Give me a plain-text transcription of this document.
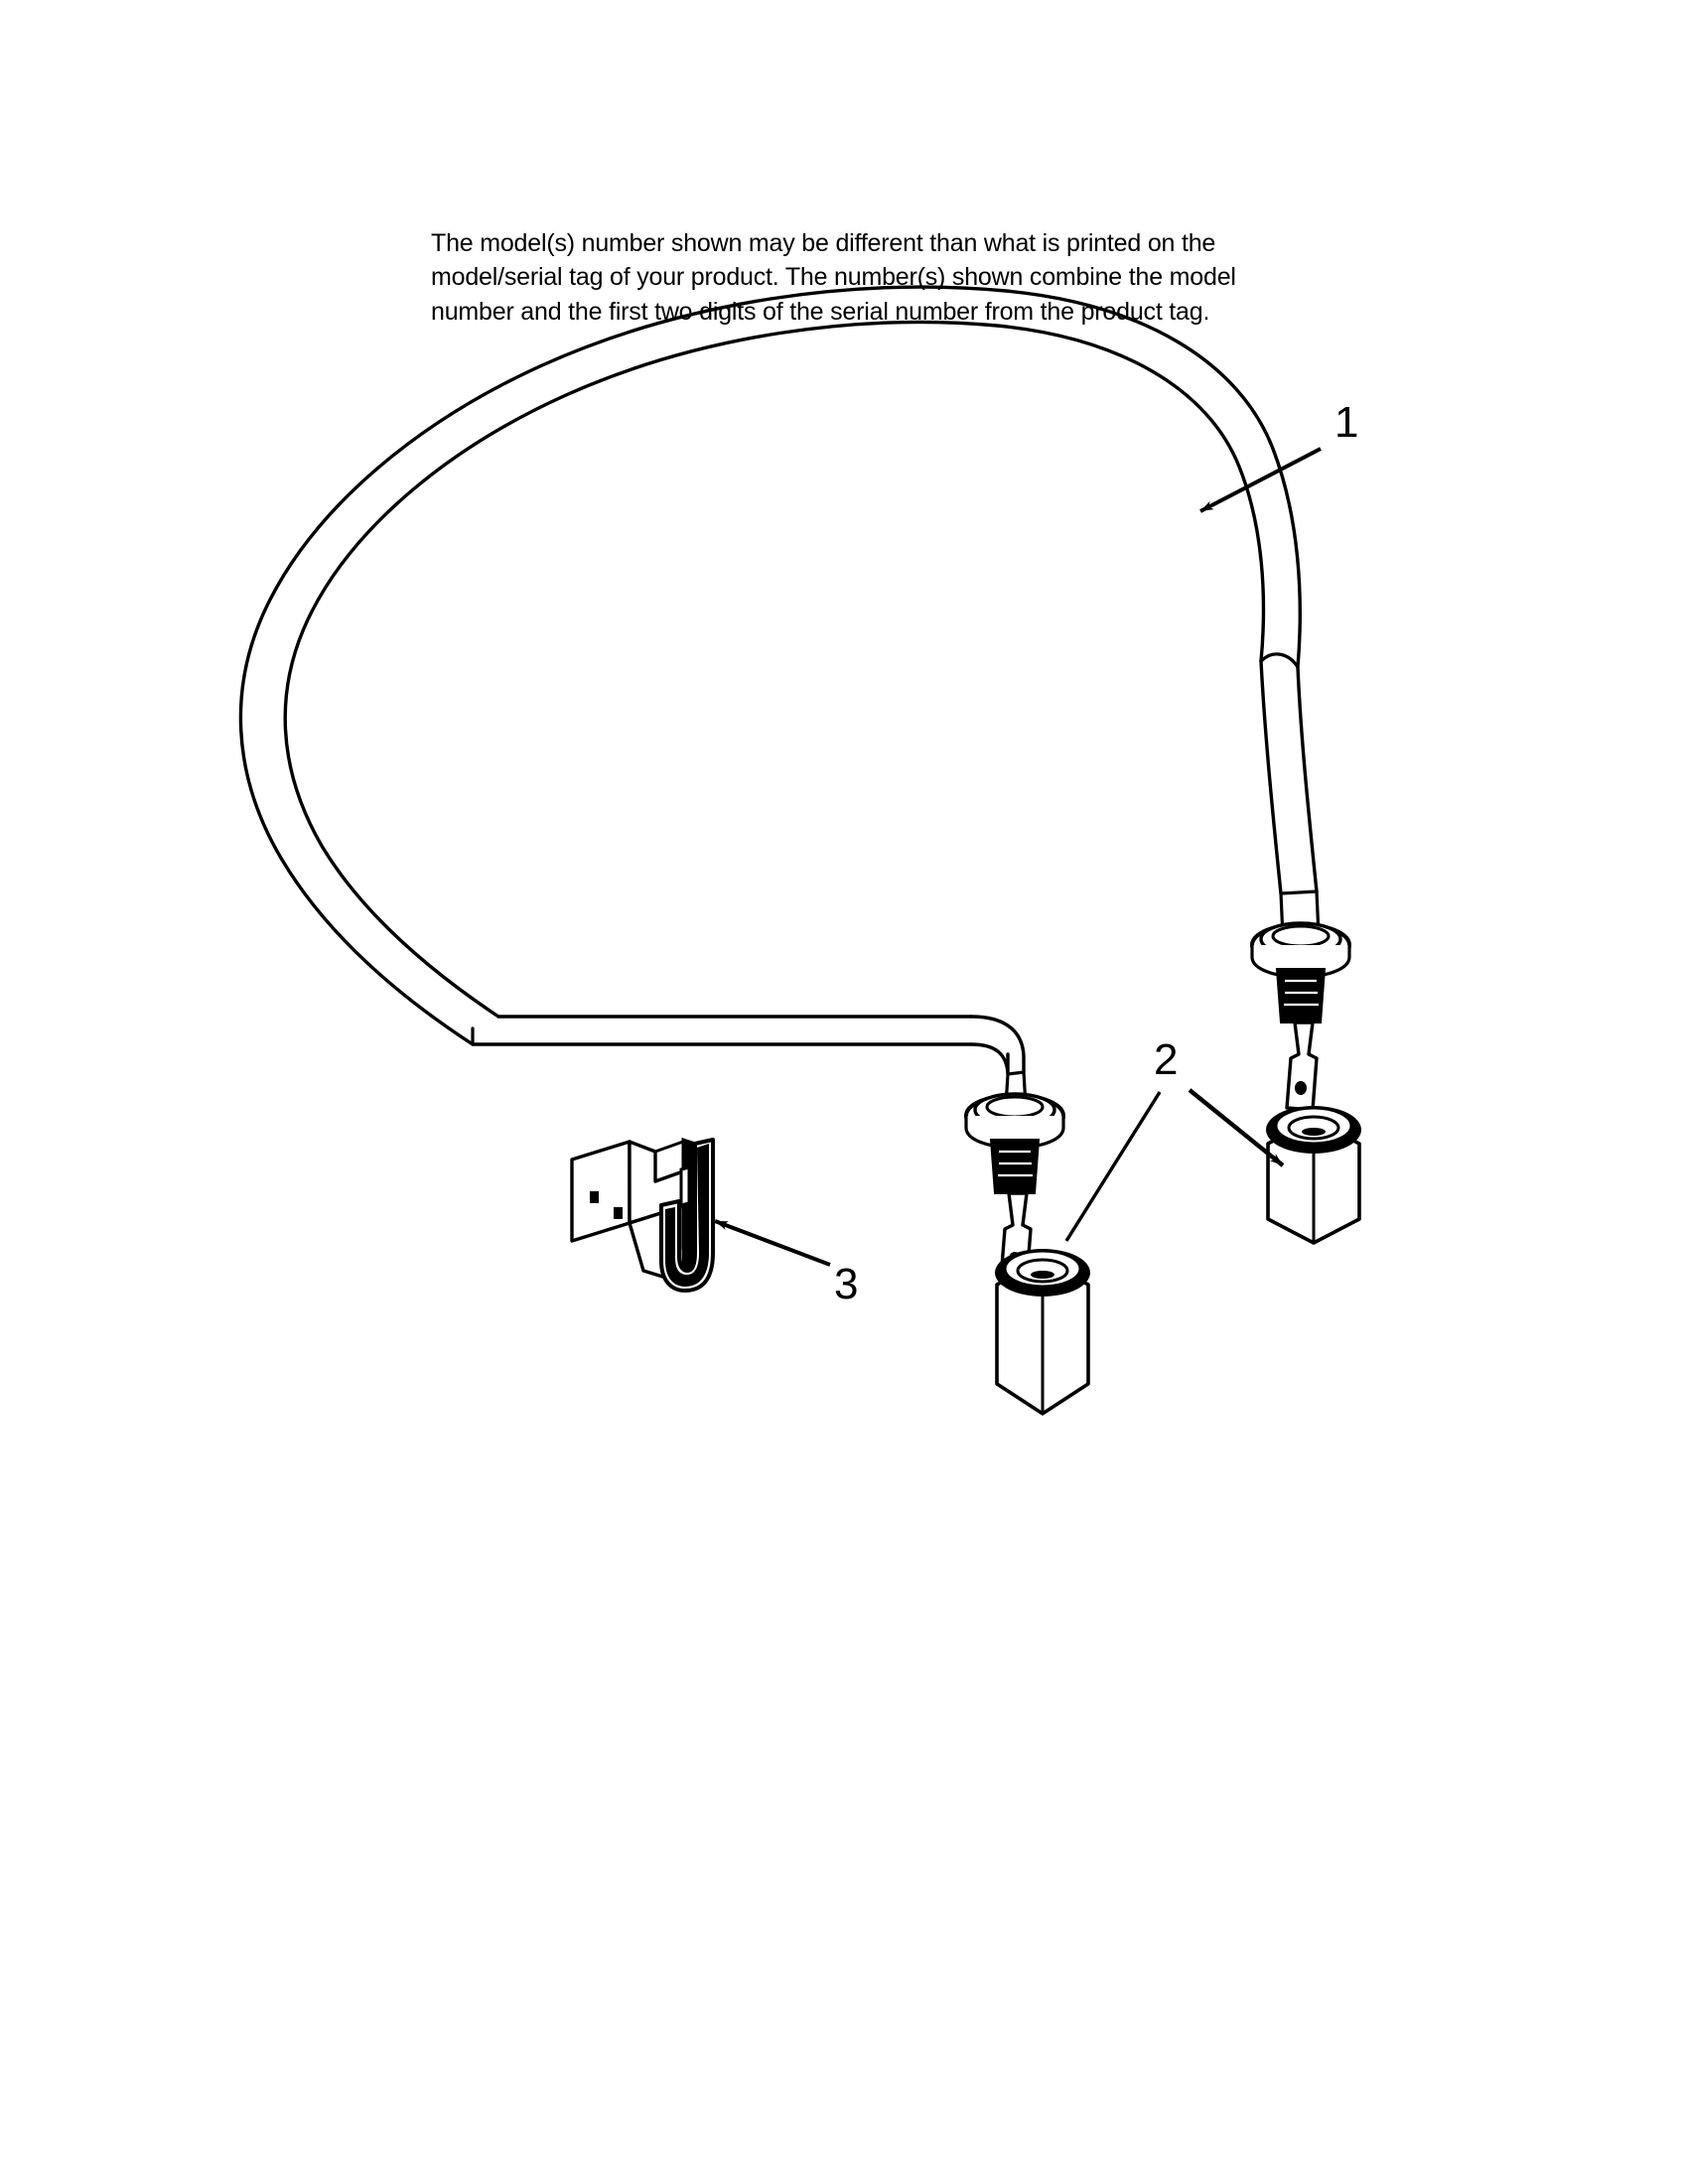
The model(s) number shown may be different than what is printed on the model/serial tag of your product. The number(s) shown combine the model number and the first two digits of the serial number from the product tag.
1
2
3
